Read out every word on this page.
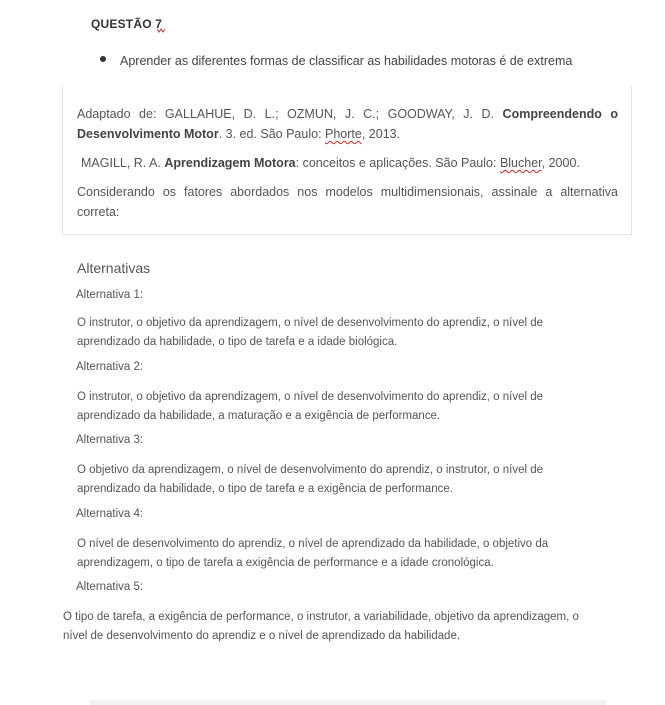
QUESTÃO 7
Aprender as diferentes formas de classificar as habilidades motoras é de extrema
Adaptado de: GALLAHUE, D. L.; OZMUN, J. C.; GOODWAY, J. D. Compreendendo o
Desenvolvimento Motor. 3. ed. São Paulo: Phorte, 2013.
MAGILL, R. A. Aprendizagem Motora: conceitos e aplicações. São Paulo: Blucher, 2000.
Considerando os fatores abordados nos modelos multidimensionais, assinale a alternativa
correta:
Alternativas
Alternativa 1:
O instrutor, o objetivo da aprendizagem, o nível de desenvolvimento do aprendiz, o nível de
aprendizado da habilidade, o tipo de tarefa e a idade biológica.
Alternativa 2:
O instrutor, o objetivo da aprendizagem, o nível de desenvolvimento do aprendiz, o nível de
aprendizado da habilidade, a maturação e a exigência de performance.
Alternativa 3:
O objetivo da aprendizagem, o nível de desenvolvimento do aprendiz, o instrutor, o nível de
aprendizado da habilidade, o tipo de tarefa e a exigência de performance.
Alternativa 4:
O nível de desenvolvimento do aprendiz, o nível de aprendizado da habilidade, o objetivo da
aprendizagem, o tipo de tarefa a exigência de performance e a idade cronológica.
Alternativa 5:
O tipo de tarefa, a exigência de performance, o instrutor, a variabilidade, objetivo da aprendizagem, o
nível de desenvolvimento do aprendiz e o nível de aprendizado da habilidade.
